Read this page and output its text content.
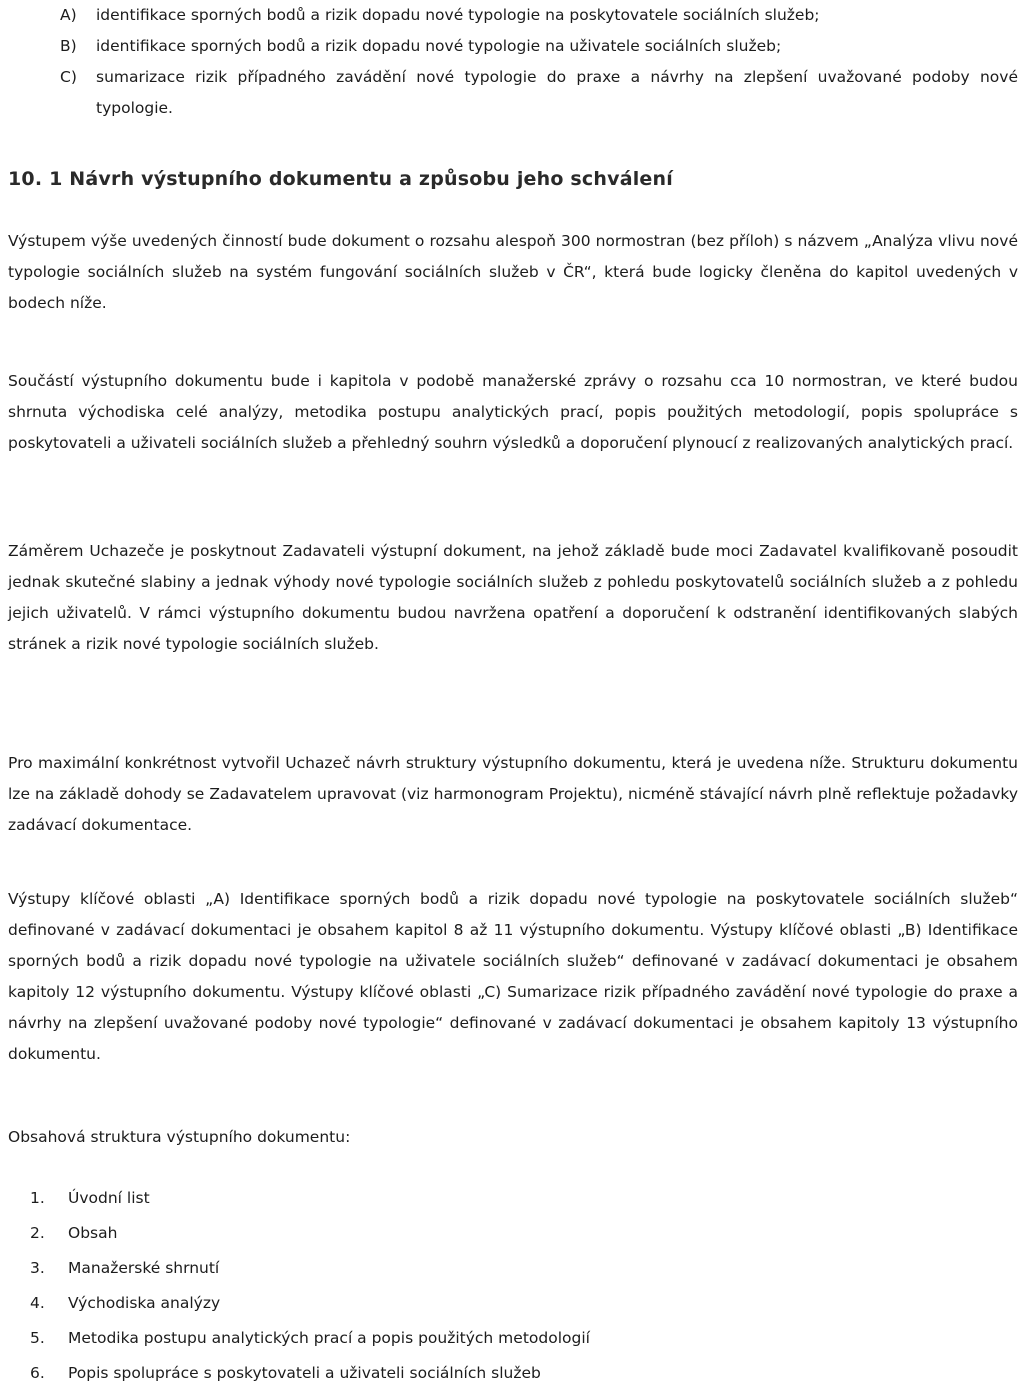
A) identifikace sporných bodů a rizik dopadu nové typologie na poskytovatele sociálních služeb;
B) identifikace sporných bodů a rizik dopadu nové typologie na uživatele sociálních služeb;
C) sumarizace rizik případného zavádění nové typologie do praxe a návrhy na zlepšení uvažované podoby nové typologie.
10. 1 Návrh výstupního dokumentu a způsobu jeho schválení
Výstupem výše uvedených činností bude dokument o rozsahu alespoň 300 normostran (bez příloh) s názvem „Analýza vlivu nové typologie sociálních služeb na systém fungování sociálních služeb v ČR“, která bude logicky členěna do kapitol uvedených v bodech níže.
Součástí výstupního dokumentu bude i kapitola v podobě manažerské zprávy o rozsahu cca 10 normostran, ve které budou shrnuta východiska celé analýzy, metodika postupu analytických prací, popis použitých metodologií, popis spolupráce s poskytovateli a uživateli sociálních služeb a přehledný souhrn výsledků a doporučení plynoucí z realizovaných analytických prací.
Záměrem Uchazeče je poskytnout Zadavateli výstupní dokument, na jehož základě bude moci Zadavatel kvalifikovaně posoudit jednak skutečné slabiny a jednak výhody nové typologie sociálních služeb z pohledu poskytovatelů sociálních služeb a z pohledu jejich uživatelů. V rámci výstupního dokumentu budou navržena opatření a doporučení k odstranění identifikovaných slabých stránek a rizik nové typologie sociálních služeb.
Pro maximální konkrétnost vytvořil Uchazeč návrh struktury výstupního dokumentu, která je uvedena níže. Strukturu dokumentu lze na základě dohody se Zadavatelem upravovat (viz harmonogram Projektu), nicméně stávající návrh plně reflektuje požadavky zadávací dokumentace.
Výstupy klíčové oblasti „A) Identifikace sporných bodů a rizik dopadu nové typologie na poskytovatele sociálních služeb“ definované v zadávací dokumentaci je obsahem kapitol 8 až 11 výstupního dokumentu. Výstupy klíčové oblasti „B) Identifikace sporných bodů a rizik dopadu nové typologie na uživatele sociálních služeb“ definované v zadávací dokumentaci je obsahem kapitoly 12 výstupního dokumentu. Výstupy klíčové oblasti „C) Sumarizace rizik případného zavádění nové typologie do praxe a návrhy na zlepšení uvažované podoby nové typologie“ definované v zadávací dokumentaci je obsahem kapitoly 13 výstupního dokumentu.
Obsahová struktura výstupního dokumentu:
1. Úvodní list
2. Obsah
3. Manažerské shrnutí
4. Východiska analýzy
5. Metodika postupu analytických prací a popis použitých metodologií
6. Popis spolupráce s poskytovateli a uživateli sociálních služeb
